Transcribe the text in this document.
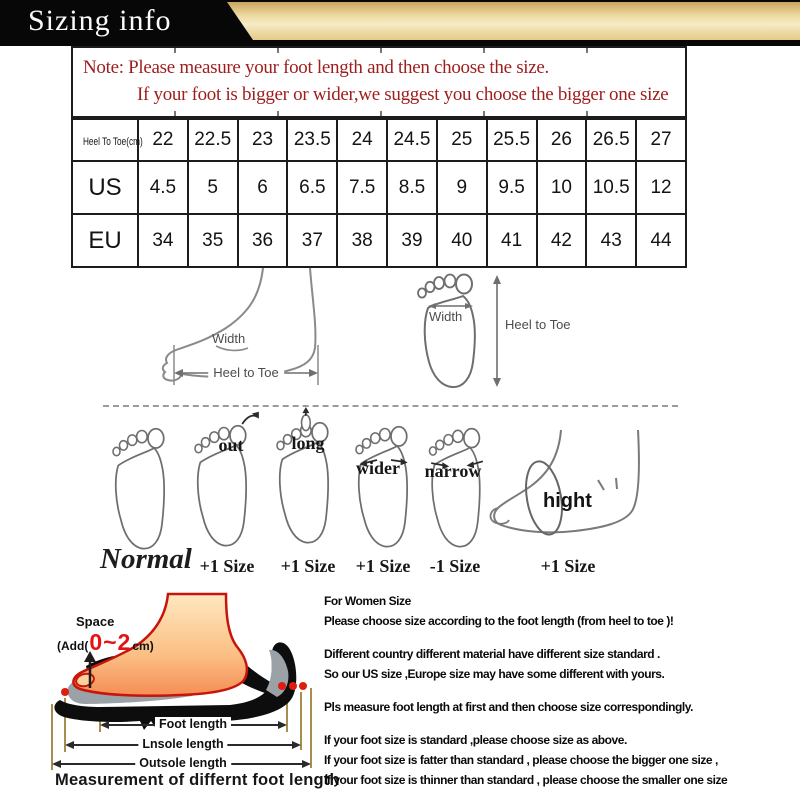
Sizing info
Note: Please measure your foot length and then choose the size.
If your foot is bigger or wider,we suggest you choose the bigger one size
Heel To Toe(cm)	22	22.5	23	23.5	24	24.5	25	25.5	26	26.5	27
US	4.5	5	6	6.5	7.5	8.5	9	9.5	10	10.5	12
EU	34	35	36	37	38	39	40	41	42	43	44
Width
Heel to Toe
Width
Heel to Toe
out	long
wider narrow
hight
Normal +1 Size +1 Size +1 Size -1 Size	+1 Size
Space
(Add( 0~2 cm)
Foot length
Lnsole length
Outsole length
Measurement of differnt foot length
For Women Size
Please choose size according to the foot length (from heel to toe )!
Different country different material have different size standard .
So our US size ,Europe size may have some different with yours.
Pls measure foot length at first and then choose size correspondingly.
If your foot size is standard ,please choose size as above.
If your foot size is fatter than standard , please choose the bigger one size ,
If your foot size is thinner than standard , please choose the smaller one size
